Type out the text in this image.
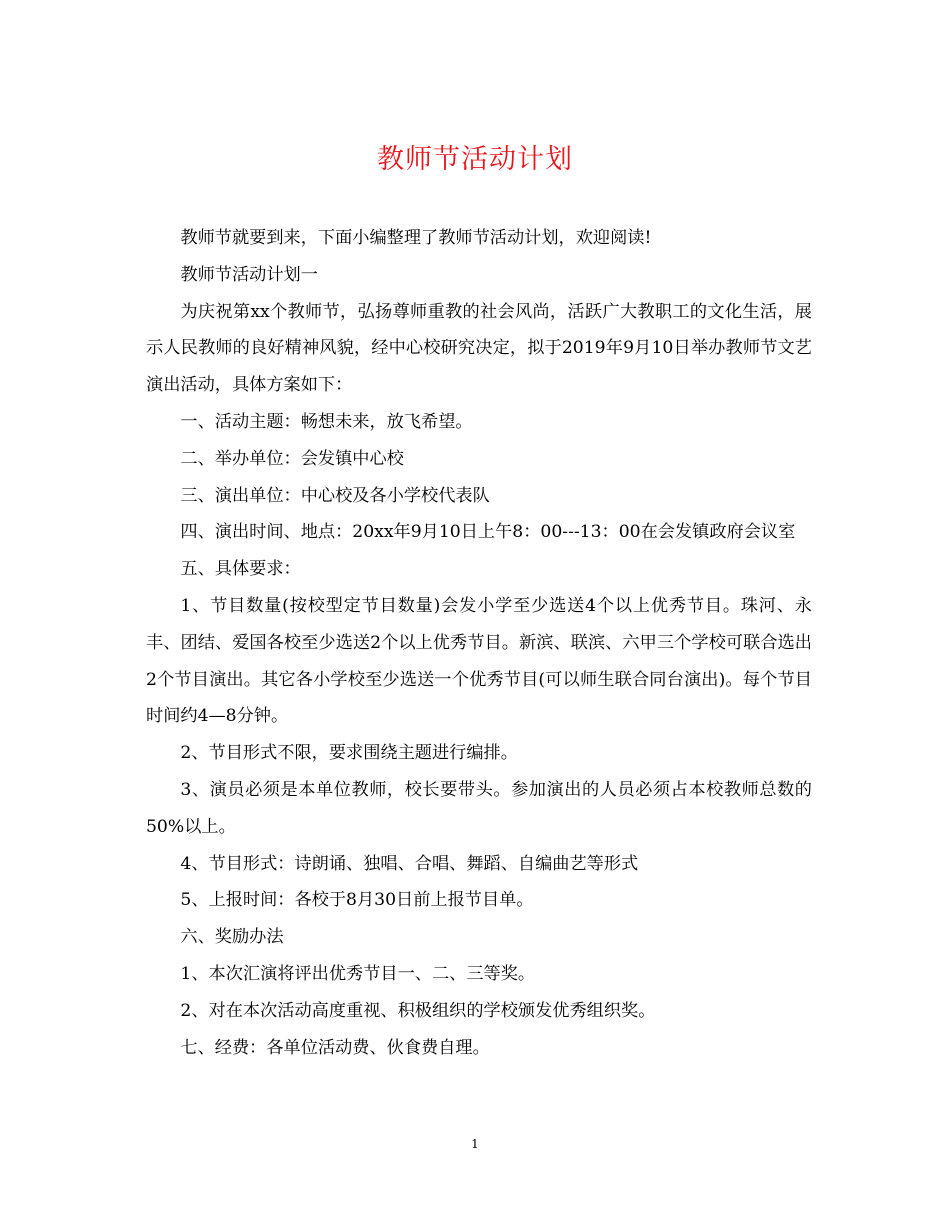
教师节活动计划

教师节就要到来，下面小编整理了教师节活动计划，欢迎阅读!

教师节活动计划一

为庆祝第xx个教师节，弘扬尊师重教的社会风尚，活跃广大教职工的文化生活，展示人民教师的良好精神风貌，经中心校研究决定，拟于2019年9月10日举办教师节文艺演出活动，具体方案如下：

一、活动主题：畅想未来，放飞希望。

二、举办单位：会发镇中心校

三、演出单位：中心校及各小学校代表队

四、演出时间、地点：20xx年9月10日上午8：00---13：00在会发镇政府会议室

五、具体要求：

1、节目数量(按校型定节目数量)会发小学至少选送4个以上优秀节目。珠河、永丰、团结、爱国各校至少选送2个以上优秀节目。新滨、联滨、六甲三个学校可联合选出2个节目演出。其它各小学校至少选送一个优秀节目(可以师生联合同台演出)。每个节目时间约4—8分钟。

2、节目形式不限，要求围绕主题进行编排。

3、演员必须是本单位教师，校长要带头。参加演出的人员必须占本校教师总数的50%以上。

4、节目形式：诗朗诵、独唱、合唱、舞蹈、自编曲艺等形式

5、上报时间：各校于8月30日前上报节目单。

六、奖励办法

1、本次汇演将评出优秀节目一、二、三等奖。

2、对在本次活动高度重视、积极组织的学校颁发优秀组织奖。

七、经费：各单位活动费、伙食费自理。

1
